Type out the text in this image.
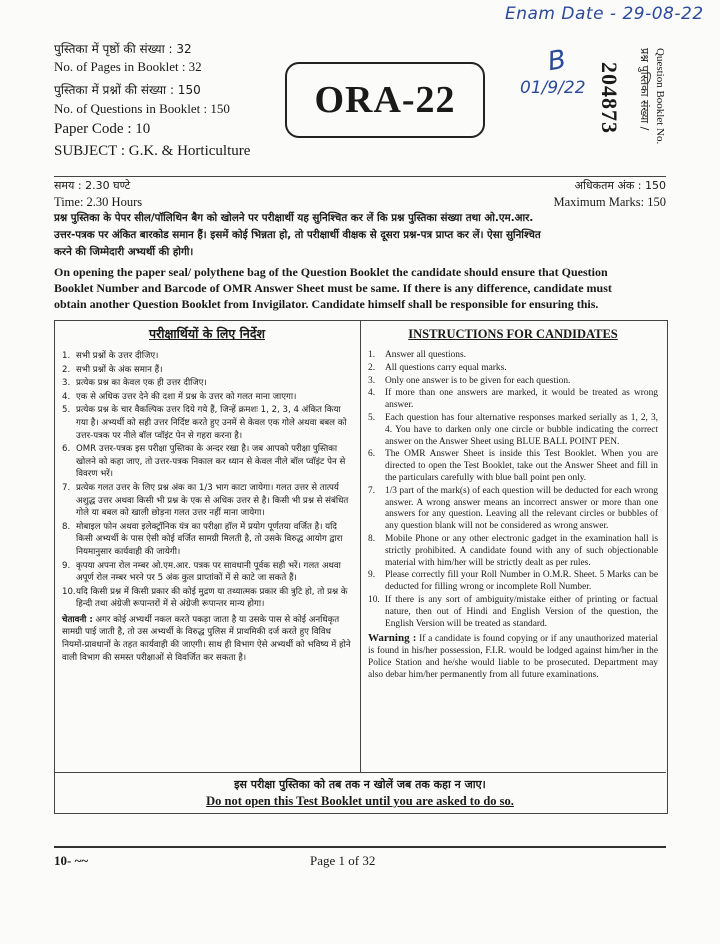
Enam Date - 29-08-22
B
01/9/22
पुस्तिका में पृष्ठों की संख्या : 32
No. of Pages in Booklet : 32
पुस्तिका में प्रश्नों की संख्या : 150
No. of Questions in Booklet : 150
Paper Code : 10
SUBJECT : G.K. & Horticulture
ORA-22	प्रश्न पुस्तिका संख्या / Question Booklet No.
204873
समय : 2.30 घण्टे
Time: 2.30 Hours
अधिकतम अंक : 150
Maximum Marks: 150
प्रश्न पुस्तिका के पेपर सील/पॉलिथिन बैग को खोलने पर परीक्षार्थी यह सुनिश्चित कर लें कि प्रश्न पुस्तिका संख्या तथा ओ.एम.आर.
उत्तर-पत्रक पर अंकित बारकोड समान हैं। इसमें कोई भिन्नता हो, तो परीक्षार्थी वीक्षक से दूसरा प्रश्न-पत्र प्राप्त कर लें। ऐसा सुनिश्चित
करने की जिम्मेदारी अभ्यर्थी की होगी।
On opening the paper seal/ polythene bag of the Question Booklet the candidate should ensure that Question
Booklet Number and Barcode of OMR Answer Sheet must be same. If there is any difference, candidate must
obtain another Question Booklet from Invigilator. Candidate himself shall be responsible for ensuring this.
परीक्षार्थियों के लिए निर्देश
1. सभी प्रश्नों के उत्तर दीजिए।
2. सभी प्रश्नों के अंक समान हैं।
3. प्रत्येक प्रश्न का केवल एक ही उत्तर दीजिए।
4. एक से अधिक उत्तर देने की दशा में प्रश्न के उत्तर को गलत माना जाएगा।
5. प्रत्येक प्रश्न के चार वैकल्पिक उत्तर दिये गये हैं, जिन्हें क्रमशः 1, 2, 3, 4 अंकित किया गया है। अभ्यर्थी को सही उत्तर निर्दिष्ट करते हुए उनमें से केवल एक गोले अथवा बबल को उत्तर-पत्रक पर नीले बॉल प्वॉइंट पेन से गहरा करना है।
6. OMR उत्तर-पत्रक इस परीक्षा पुस्तिका के अन्दर रखा है। जब आपको परीक्षा पुस्तिका खोलने को कहा जाए, तो उत्तर-पत्रक निकाल कर ध्यान से केवल नीले बॉल प्वॉइंट पेन से विवरण भरें।
7. प्रत्येक गलत उत्तर के लिए प्रश्न अंक का 1/3 भाग काटा जायेगा। गलत उत्तर से तात्पर्य अशुद्ध उत्तर अथवा किसी भी प्रश्न के एक से अधिक उत्तर से है। किसी भी प्रश्न से संबंधित गोले या बबल को खाली छोड़ना गलत उत्तर नहीं माना जायेगा।
8. मोबाइल फोन अथवा इलेक्ट्रॉनिक यंत्र का परीक्षा हॉल में प्रयोग पूर्णतया वर्जित है। यदि किसी अभ्यर्थी के पास ऐसी कोई वर्जित सामग्री मिलती है, तो उसके विरुद्ध आयोग द्वारा नियमानुसार कार्यवाही की जायेगी।
9. कृपया अपना रोल नम्बर ओ.एम.आर. पत्रक पर सावधानी पूर्वक सही भरें। गलत अथवा अपूर्ण रोल नम्बर भरने पर 5 अंक कुल प्राप्तांकों में से काटे जा सकते हैं।
10. यदि किसी प्रश्न में किसी प्रकार की कोई मुद्रण या तथ्यात्मक प्रकार की त्रुटि हो, तो प्रश्न के हिन्दी तथा अंग्रेजी रूपान्तरों में से अंग्रेजी रूपान्तर मान्य होगा।
चेतावनी : अगर कोई अभ्यर्थी नकल करते पकड़ा जाता है या उसके पास से कोई अनधिकृत सामग्री पाई जाती है, तो उस अभ्यर्थी के विरुद्ध पुलिस में प्राथमिकी दर्ज करते हुए विविध नियमों-प्रावधानों के तहत कार्यवाही की जाएगी। साथ ही विभाग ऐसे अभ्यर्थी को भविष्य में होने वाली विभाग की समस्त परीक्षाओं से विवर्जित कर सकता है।
INSTRUCTIONS FOR CANDIDATES
1. Answer all questions.
2. All questions carry equal marks.
3. Only one answer is to be given for each question.
4. If more than one answers are marked, it would be treated as wrong answer.
5. Each question has four alternative responses marked serially as 1, 2, 3, 4. You have to darken only one circle or bubble indicating the correct answer on the Answer Sheet using BLUE BALL POINT PEN.
6. The OMR Answer Sheet is inside this Test Booklet. When you are directed to open the Test Booklet, take out the Answer Sheet and fill in the particulars carefully with blue ball point pen only.
7. 1/3 part of the mark(s) of each question will be deducted for each wrong answer. A wrong answer means an incorrect answer or more than one answers for any question. Leaving all the relevant circles or bubbles of any question blank will not be considered as wrong answer.
8. Mobile Phone or any other electronic gadget in the examination hall is strictly prohibited. A candidate found with any of such objectionable material with him/her will be strictly dealt as per rules.
9. Please correctly fill your Roll Number in O.M.R. Sheet. 5 Marks can be deducted for filling wrong or incomplete Roll Number.
10. If there is any sort of ambiguity/mistake either of printing or factual nature, then out of Hindi and English Version of the question, the English Version will be treated as standard.
Warning : If a candidate is found copying or if any unauthorized material is found in his/her possession, F.I.R. would be lodged against him/her in the Police Station and he/she would liable to be prosecuted. Department may also debar him/her permanently from all future examinations.
इस परीक्षा पुस्तिका को तब तक न खोलें जब तक कहा न जाए।
Do not open this Test Booklet until you are asked to do so.
10- ~~	Page 1 of 32
